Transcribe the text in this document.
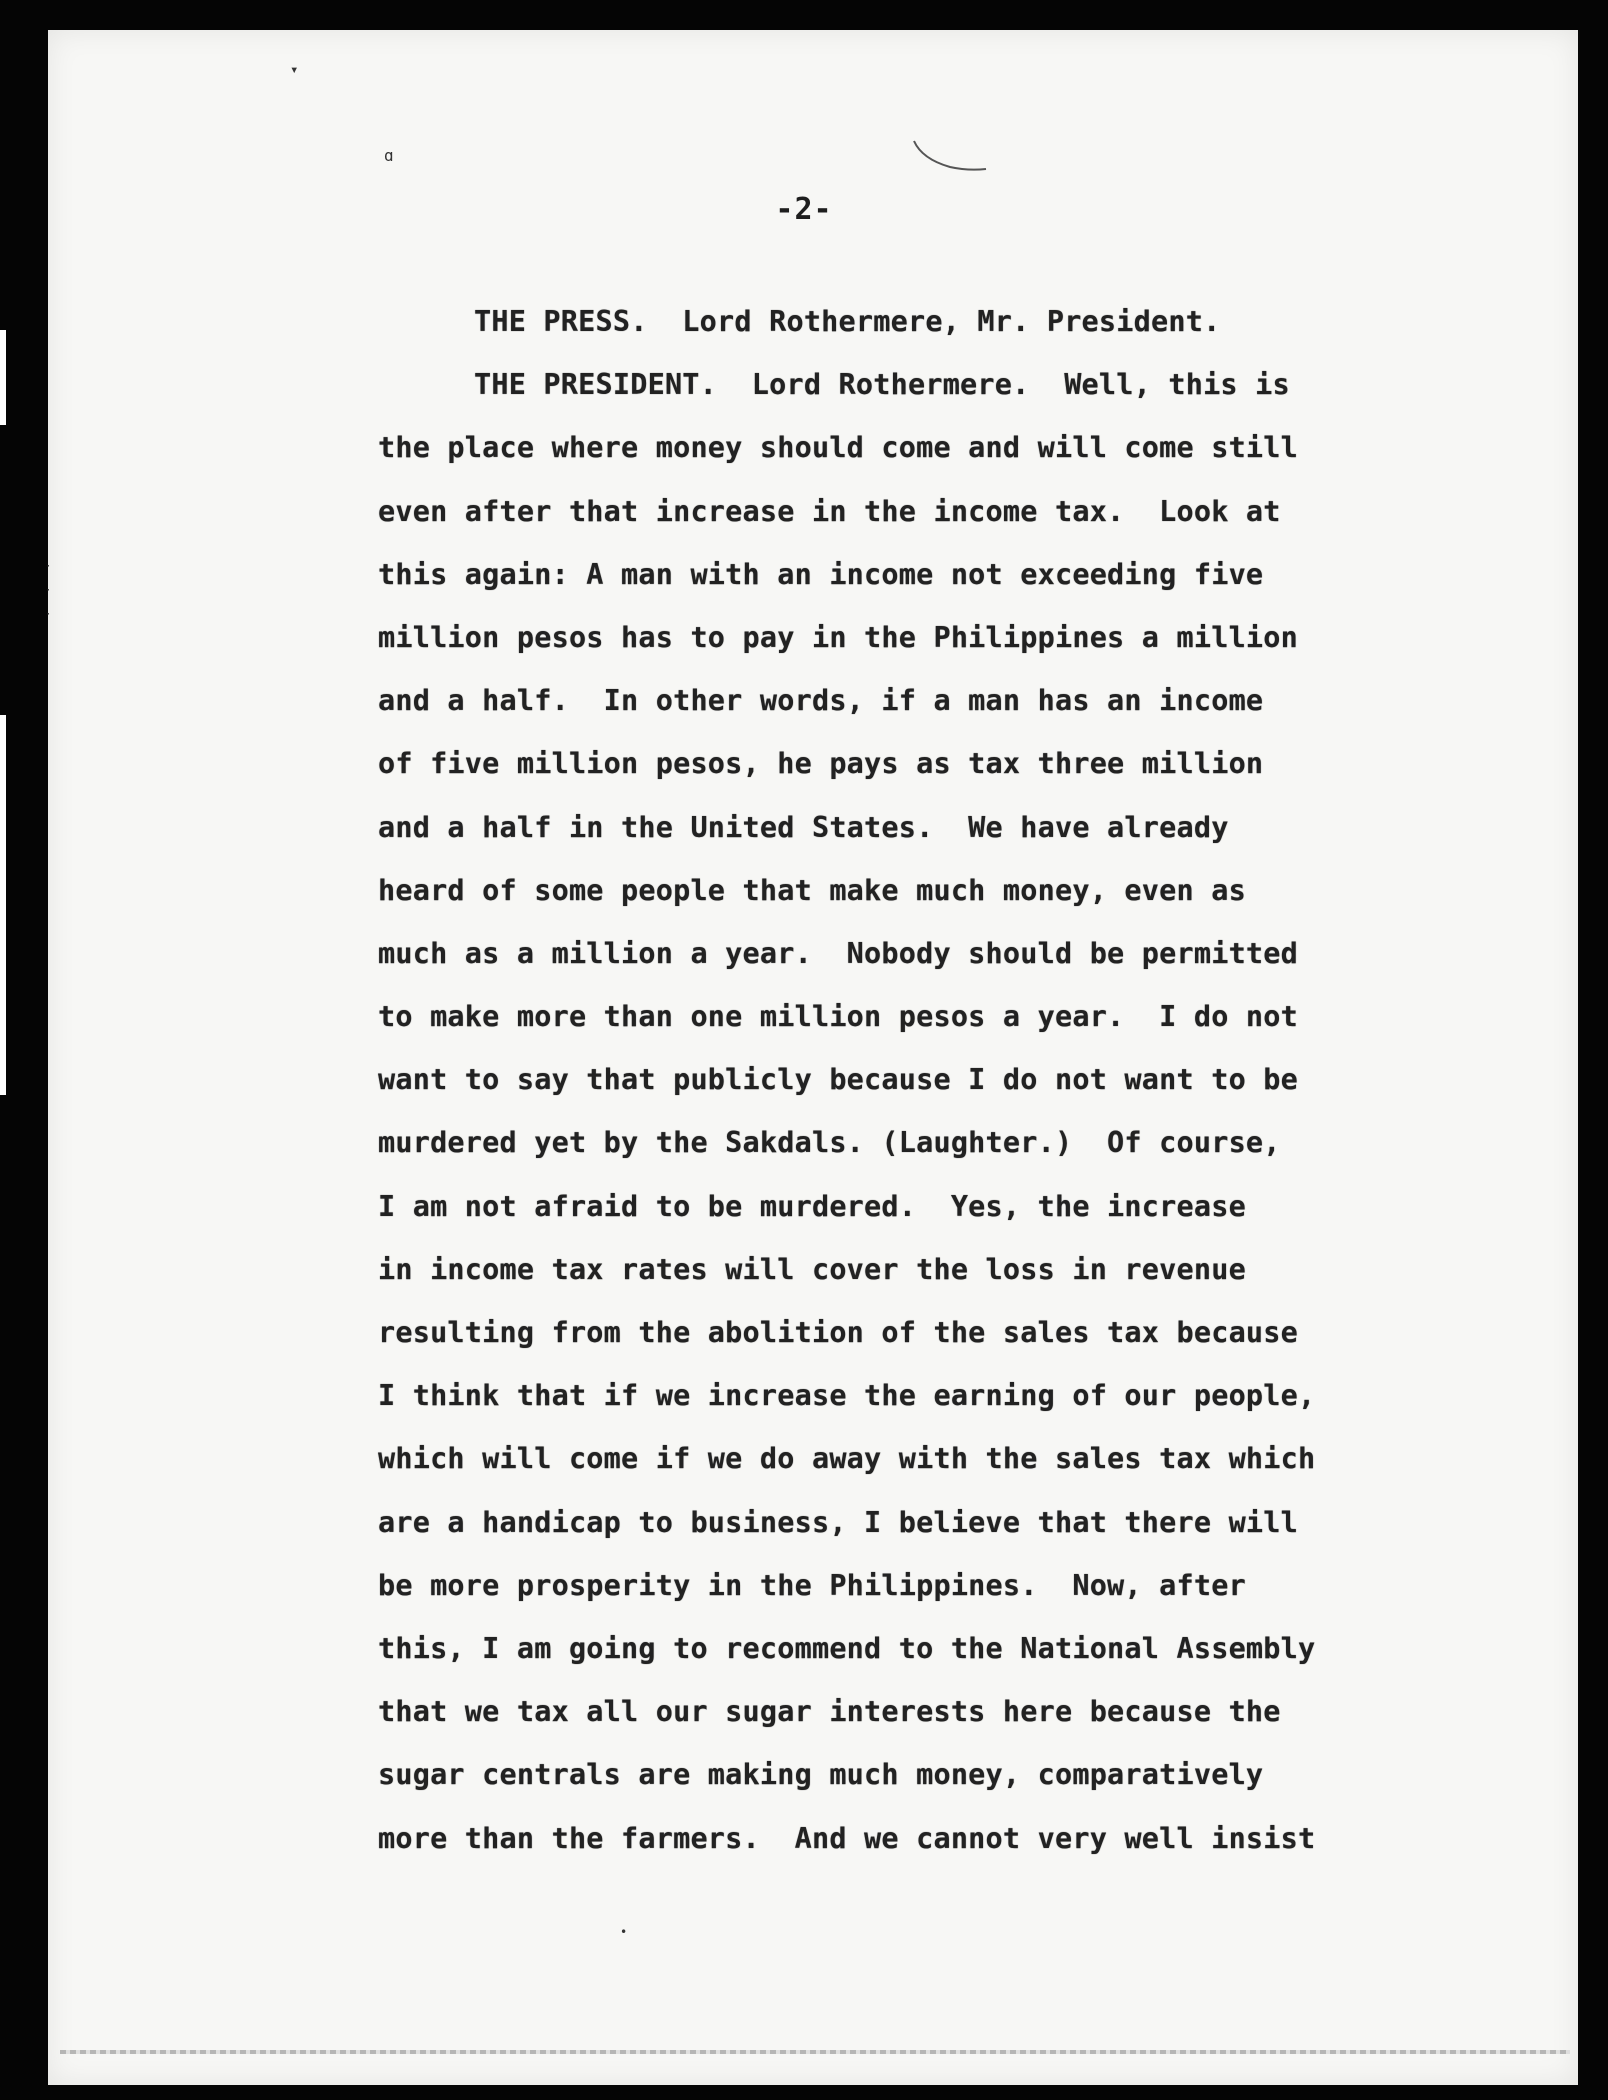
▾
ɑ
˙
˙
˙
-2-
THE PRESS.  Lord Rothermere, Mr. President.
THE PRESIDENT.  Lord Rothermere.  Well, this is
the place where money should come and will come still
even after that increase in the income tax.  Look at
this again: A man with an income not exceeding five
million pesos has to pay in the Philippines a million
and a half.  In other words, if a man has an income
of five million pesos, he pays as tax three million
and a half in the United States.  We have already
heard of some people that make much money, even as
much as a million a year.  Nobody should be permitted
to make more than one million pesos a year.  I do not
want to say that publicly because I do not want to be
murdered yet by the Sakdals. (Laughter.)  Of course,
I am not afraid to be murdered.  Yes, the increase
in income tax rates will cover the loss in revenue
resulting from the abolition of the sales tax because
I think that if we increase the earning of our people,
which will come if we do away with the sales tax which
are a handicap to business, I believe that there will
be more prosperity in the Philippines.  Now, after
this, I am going to recommend to the National Assembly
that we tax all our sugar interests here because the
sugar centrals are making much money, comparatively
more than the farmers.  And we cannot very well insist
•
